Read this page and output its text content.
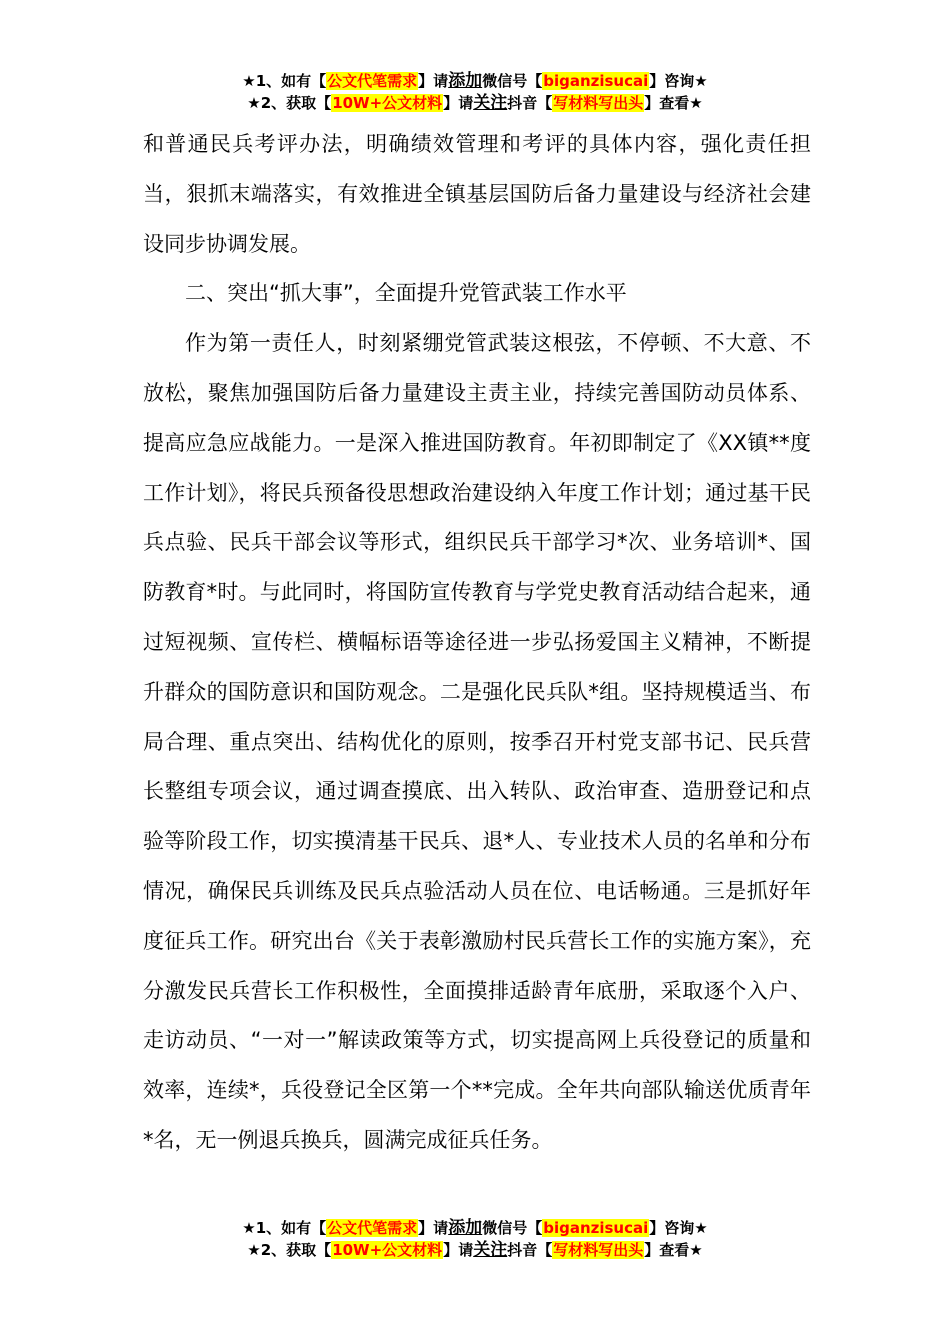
★1、如有【公文代笔需求】请添加微信号【biganzisucai】咨询★
★2、获取【10W+公文材料】请关注抖音【写材料写出头】查看★

和普通民兵考评办法，明确绩效管理和考评的具体内容，强化责任担当，狠抓末端落实，有效推进全镇基层国防后备力量建设与经济社会建设同步协调发展。

二、突出“抓大事”，全面提升党管武装工作水平

作为第一责任人，时刻紧绷党管武装这根弦，不停顿、不大意、不放松，聚焦加强国防后备力量建设主责主业，持续完善国防动员体系、提高应急应战能力。一是深入推进国防教育。年初即制定了《XX镇**度工作计划》，将民兵预备役思想政治建设纳入年度工作计划；通过基干民兵点验、民兵干部会议等形式，组织民兵干部学习*次、业务培训*、国防教育*时。与此同时，将国防宣传教育与学党史教育活动结合起来，通过短视频、宣传栏、横幅标语等途径进一步弘扬爱国主义精神，不断提升群众的国防意识和国防观念。二是强化民兵队*组。坚持规模适当、布局合理、重点突出、结构优化的原则，按季召开村党支部书记、民兵营长整组专项会议，通过调查摸底、出入转队、政治审查、造册登记和点验等阶段工作，切实摸清基干民兵、退*人、专业技术人员的名单和分布情况，确保民兵训练及民兵点验活动人员在位、电话畅通。三是抓好年度征兵工作。研究出台《关于表彰激励村民兵营长工作的实施方案》，充分激发民兵营长工作积极性，全面摸排适龄青年底册，采取逐个入户、走访动员、“一对一”解读政策等方式，切实提高网上兵役登记的质量和效率，连续*，兵役登记全区第一个**完成。全年共向部队输送优质青年*名，无一例退兵换兵，圆满完成征兵任务。

★1、如有【公文代笔需求】请添加微信号【biganzisucai】咨询★
★2、获取【10W+公文材料】请关注抖音【写材料写出头】查看★
